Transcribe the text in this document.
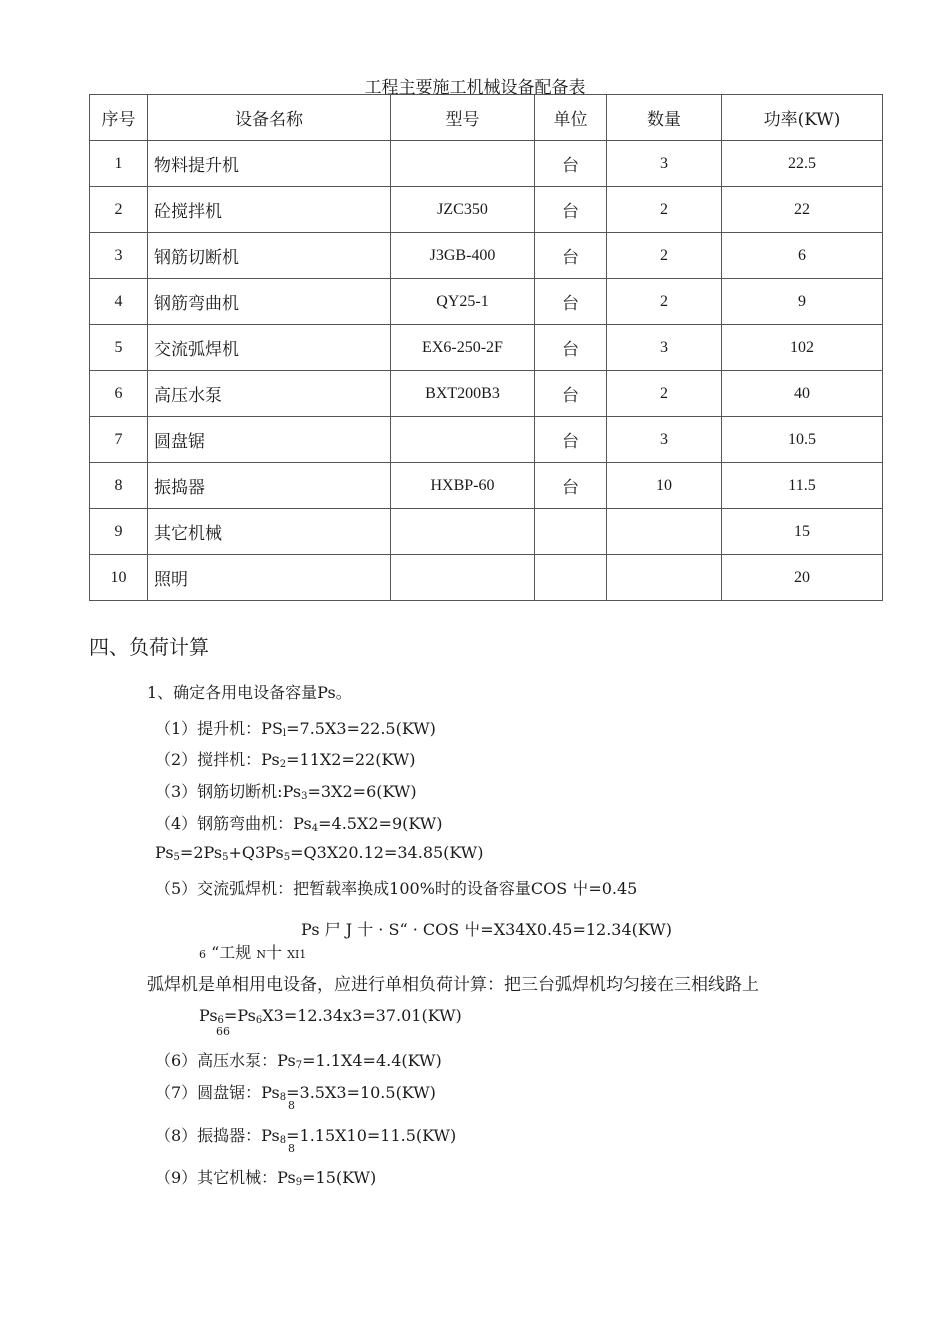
工程主要施工机械设备配备表
序号	设备名称	型号	单位	数量	功率(KW)
1	物料提升机		台	3	22.5
2	砼搅拌机	JZC350	台	2	22
3	钢筋切断机	J3GB-400	台	2	6
4	钢筋弯曲机	QY25-1	台	2	9
5	交流弧焊机	EX6-250-2F	台	3	102
6	高压水泵	BXT200B3	台	2	40
7	圆盘锯		台	3	10.5
8	振捣器	HXBP-60	台	10	11.5
9	其它机械				15
10	照明				20
四、负荷计算
1、确定各用电设备容量Ps。
（1）提升机：$PS_l=7.5Ⅹ3=22.5(KW)$
（2）搅拌机：$Ps_2=11Ⅹ2=22(KW)$
（3）钢筋切断机$:Ps_3=3Ⅹ2=6(KW)$
（4）钢筋弯曲机：$Ps_4=4.5Ⅹ2=9(KW)$
$Ps_5=2Ps_5+Q3Ps_5=Q3Ⅹ20.12=34.85(KW)$
（5）交流弧焊机：把暂载率换成100%时的设备容量COS 屮=0.45
Ps 尸 J 十 · S“ · COS 屮=Ⅹ34Ⅹ0.45=12.34(KW)
6 “工规 N十 XI1
弧焊机是单相用电设备，应进行单相负荷计算：把三台弧焊机均匀接在三相线路上
$Ps_6=Ps_6Ⅹ3=12.34x3=37.01(KW)$
66
（6）高压水泵：$Ps_7=1.1Ⅹ4=4.4(KW)$
（7）圆盘锯：$Ps_8=3.5Ⅹ3=10.5(KW)$
8
（8）振捣器：$Ps_8=1.15Ⅹ10=11.5(KW)$
8
（9）其它机械：$Ps_9=15(KW)$
